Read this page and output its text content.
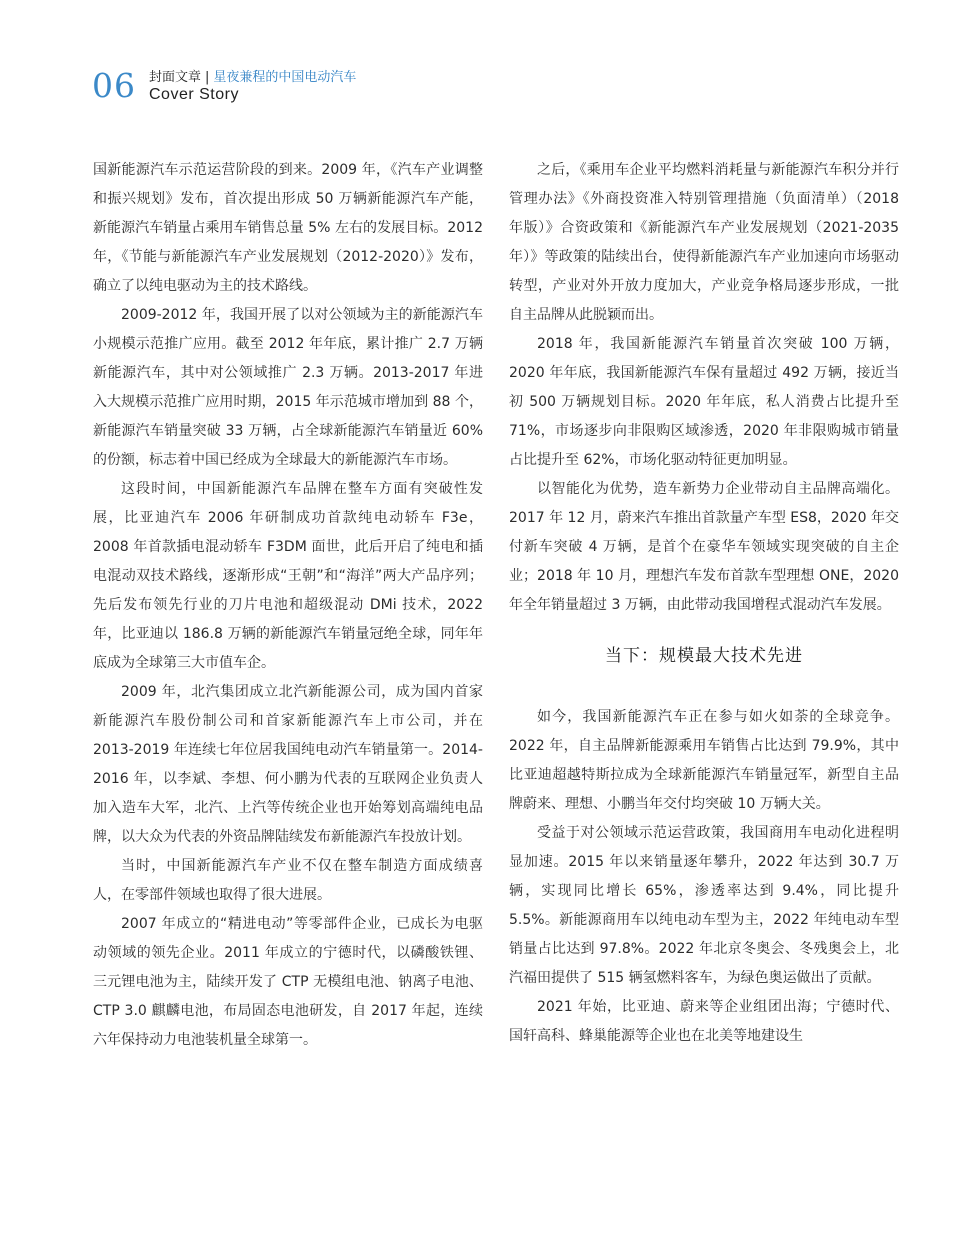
06 封面文章 | 星夜兼程的中国电动汽车
Cover Story

国新能源汽车示范运营阶段的到来。2009 年，《汽车产业调整和振兴规划》发布，首次提出形成 50 万辆新能源汽车产能，新能源汽车销量占乘用车销售总量 5% 左右的发展目标。2012 年，《节能与新能源汽车产业发展规划（2012-2020）》发布，确立了以纯电驱动为主的技术路线。

2009-2012 年，我国开展了以对公领域为主的新能源汽车小规模示范推广应用。截至 2012 年年底，累计推广 2.7 万辆新能源汽车，其中对公领域推广 2.3 万辆。2013-2017 年进入大规模示范推广应用时期，2015 年示范城市增加到 88 个，新能源汽车销量突破 33 万辆，占全球新能源汽车销量近 60% 的份额，标志着中国已经成为全球最大的新能源汽车市场。

这段时间，中国新能源汽车品牌在整车方面有突破性发展，比亚迪汽车 2006 年研制成功首款纯电动轿车 F3e，2008 年首款插电混动轿车 F3DM 面世，此后开启了纯电和插电混动双技术路线，逐渐形成“王朝”和“海洋”两大产品序列；先后发布领先行业的刀片电池和超级混动 DMi 技术，2022 年，比亚迪以 186.8 万辆的新能源汽车销量冠绝全球，同年年底成为全球第三大市值车企。

2009 年，北汽集团成立北汽新能源公司，成为国内首家新能源汽车股份制公司和首家新能源汽车上市公司，并在 2013-2019 年连续七年位居我国纯电动汽车销量第一。2014-2016 年，以李斌、李想、何小鹏为代表的互联网企业负责人加入造车大军，北汽、上汽等传统企业也开始筹划高端纯电品牌，以大众为代表的外资品牌陆续发布新能源汽车投放计划。

当时，中国新能源汽车产业不仅在整车制造方面成绩喜人，在零部件领域也取得了很大进展。

2007 年成立的“精进电动”等零部件企业，已成长为电驱动领域的领先企业。2011 年成立的宁德时代，以磷酸铁锂、三元锂电池为主，陆续开发了 CTP 无模组电池、钠离子电池、CTP 3.0 麒麟电池，布局固态电池研发，自 2017 年起，连续六年保持动力电池装机量全球第一。

之后，《乘用车企业平均燃料消耗量与新能源汽车积分并行管理办法》《外商投资准入特别管理措施（负面清单）（2018 年版）》合资政策和《新能源汽车产业发展规划（2021-2035 年）》等政策的陆续出台，使得新能源汽车产业加速向市场驱动转型，产业对外开放力度加大，产业竞争格局逐步形成，一批自主品牌从此脱颖而出。

2018 年，我国新能源汽车销量首次突破 100 万辆，2020 年年底，我国新能源汽车保有量超过 492 万辆，接近当初 500 万辆规划目标。2020 年年底，私人消费占比提升至 71%，市场逐步向非限购区域渗透，2020 年非限购城市销量占比提升至 62%，市场化驱动特征更加明显。

以智能化为优势，造车新势力企业带动自主品牌高端化。2017 年 12 月，蔚来汽车推出首款量产车型 ES8，2020 年交付新车突破 4 万辆，是首个在豪华车领域实现突破的自主企业；2018 年 10 月，理想汽车发布首款车型理想 ONE，2020 年全年销量超过 3 万辆，由此带动我国增程式混动汽车发展。

当下：规模最大技术先进

如今，我国新能源汽车正在参与如火如荼的全球竞争。2022 年，自主品牌新能源乘用车销售占比达到 79.9%，其中比亚迪超越特斯拉成为全球新能源汽车销量冠军，新型自主品牌蔚来、理想、小鹏当年交付均突破 10 万辆大关。

受益于对公领域示范运营政策，我国商用车电动化进程明显加速。2015 年以来销量逐年攀升，2022 年达到 30.7 万辆，实现同比增长 65%，渗透率达到 9.4%，同比提升 5.5%。新能源商用车以纯电动车型为主，2022 年纯电动车型销量占比达到 97.8%。2022 年北京冬奥会、冬残奥会上，北汽福田提供了 515 辆氢燃料客车，为绿色奥运做出了贡献。

2021 年始，比亚迪、蔚来等企业组团出海；宁德时代、国轩高科、蜂巢能源等企业也在北美等地建设生
